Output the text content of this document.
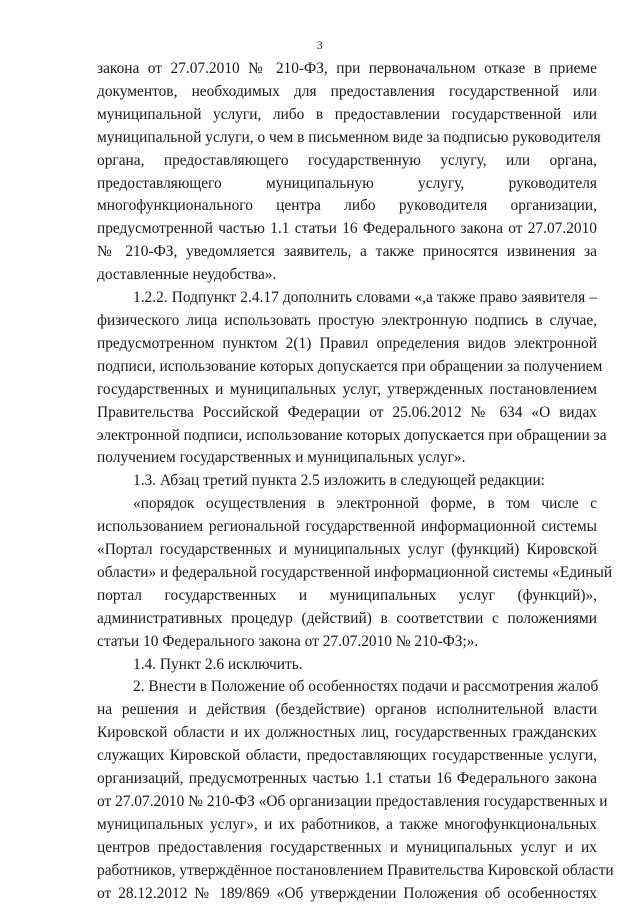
3
закона от 27.07.2010 № 210-ФЗ, при первоначальном отказе в приеме
документов, необходимых для предоставления государственной или
муниципальной услуги, либо в предоставлении государственной или
муниципальной услуги, о чем в письменном виде за подписью руководителя
органа, предоставляющего государственную услугу, или органа,
предоставляющего муниципальную услугу, руководителя
многофункционального центра либо руководителя организации,
предусмотренной частью 1.1 статьи 16 Федерального закона от 27.07.2010
№ 210-ФЗ, уведомляется заявитель, а также приносятся извинения за
доставленные неудобства».
1.2.2. Подпункт 2.4.17 дополнить словами «,а также право заявителя –
физического лица использовать простую электронную подпись в случае,
предусмотренном пунктом 2(1) Правил определения видов электронной
подписи, использование которых допускается при обращении за получением
государственных и муниципальных услуг, утвержденных постановлением
Правительства Российской Федерации от 25.06.2012 № 634 «О видах
электронной подписи, использование которых допускается при обращении за
получением государственных и муниципальных услуг».
1.3. Абзац третий пункта 2.5 изложить в следующей редакции:
«порядок осуществления в электронной форме, в том числе с
использованием региональной государственной информационной системы
«Портал государственных и муниципальных услуг (функций) Кировской
области» и федеральной государственной информационной системы «Единый
портал государственных и муниципальных услуг (функций)»,
административных процедур (действий) в соответствии с положениями
статьи 10 Федерального закона от 27.07.2010 № 210-ФЗ;».
1.4. Пункт 2.6 исключить.
2. Внести в Положение об особенностях подачи и рассмотрения жалоб
на решения и действия (бездействие) органов исполнительной власти
Кировской области и их должностных лиц, государственных гражданских
служащих Кировской области, предоставляющих государственные услуги,
организаций, предусмотренных частью 1.1 статьи 16 Федерального закона
от 27.07.2010 № 210-ФЗ «Об организации предоставления государственных и
муниципальных услуг», и их работников, а также многофункциональных
центров предоставления государственных и муниципальных услуг и их
работников, утверждённое постановлением Правительства Кировской области
от 28.12.2012 № 189/869 «Об утверждении Положения об особенностях
